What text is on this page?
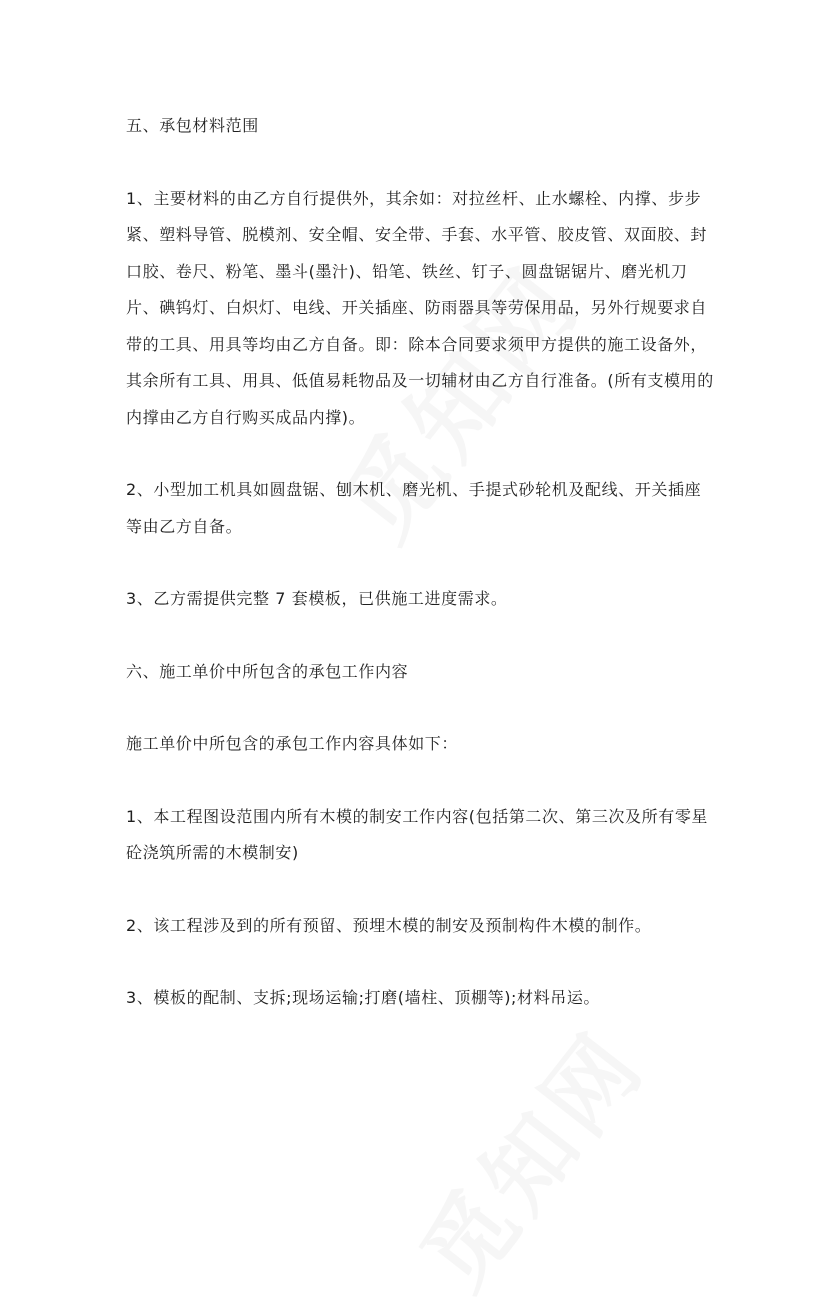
五、承包材料范围

1、主要材料的由乙方自行提供外，其余如：对拉丝杆、止水螺栓、内撑、步步紧、塑料导管、脱模剂、安全帽、安全带、手套、水平管、胶皮管、双面胶、封口胶、卷尺、粉笔、墨斗(墨汁)、铅笔、铁丝、钉子、圆盘锯锯片、磨光机刀片、碘钨灯、白炽灯、电线、开关插座、防雨器具等劳保用品，另外行规要求自带的工具、用具等均由乙方自备。即：除本合同要求须甲方提供的施工设备外，其余所有工具、用具、低值易耗物品及一切辅材由乙方自行准备。(所有支模用的内撑由乙方自行购买成品内撑)。

2、小型加工机具如圆盘锯、刨木机、磨光机、手提式砂轮机及配线、开关插座等由乙方自备。

3、乙方需提供完整 7 套模板，已供施工进度需求。

六、施工单价中所包含的承包工作内容

施工单价中所包含的承包工作内容具体如下：

1、本工程图设范围内所有木模的制安工作内容(包括第二次、第三次及所有零星砼浇筑所需的木模制安)

2、该工程涉及到的所有预留、预埋木模的制安及预制构件木模的制作。

3、模板的配制、支拆;现场运输;打磨(墙柱、顶棚等);材料吊运。
